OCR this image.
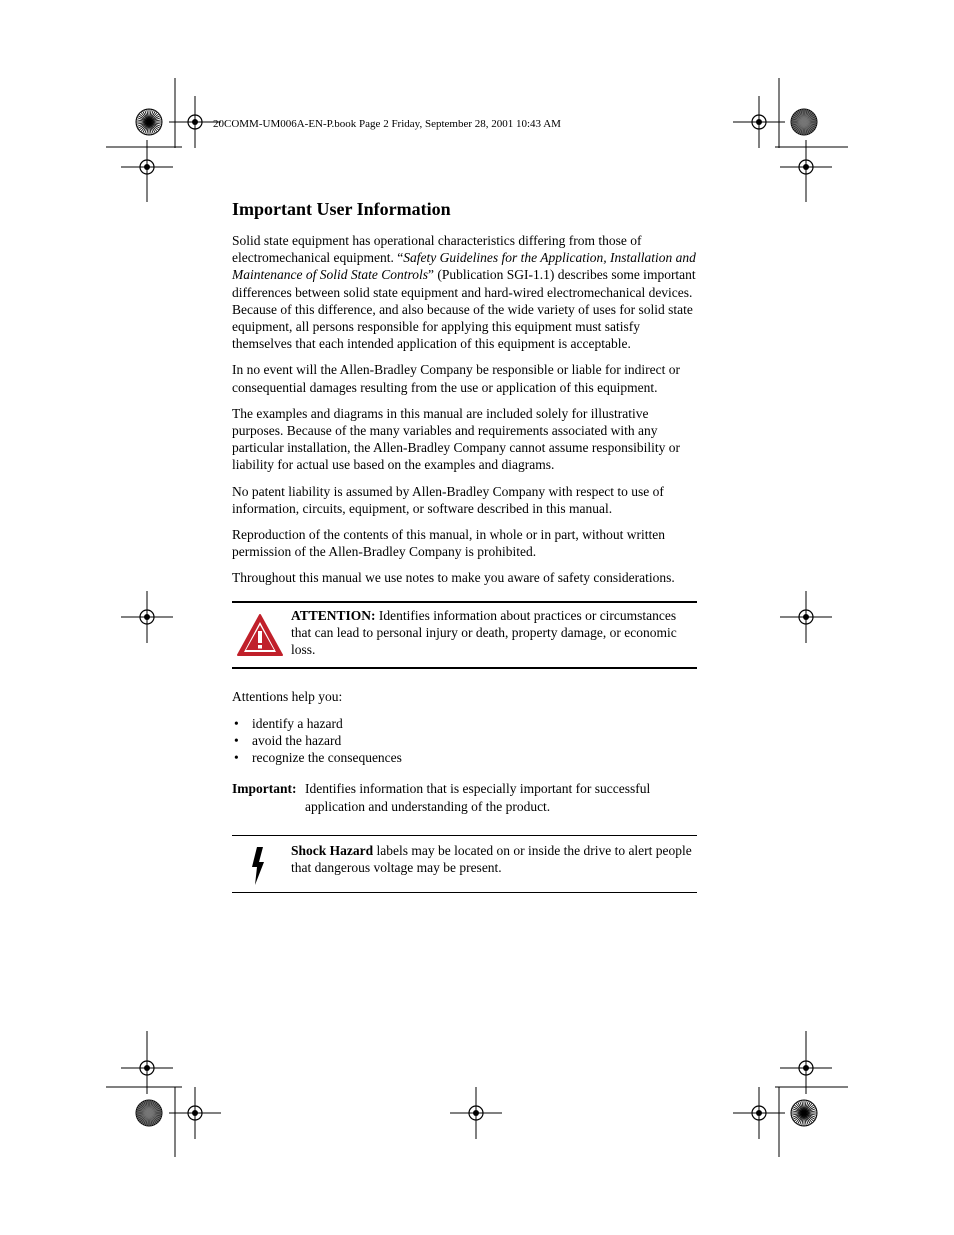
20COMM-UM006A-EN-P.book Page 2 Friday, September 28, 2001 10:43 AM
Important User Information

Solid state equipment has operational characteristics differing from those of electromechanical equipment. “Safety Guidelines for the Application, Installation and Maintenance of Solid State Controls” (Publication SGI-1.1) describes some important differences between solid state equipment and hard-wired electromechanical devices. Because of this difference, and also because of the wide variety of uses for solid state equipment, all persons responsible for applying this equipment must satisfy themselves that each intended application of this equipment is acceptable.

In no event will the Allen-Bradley Company be responsible or liable for indirect or consequential damages resulting from the use or application of this equipment.

The examples and diagrams in this manual are included solely for illustrative purposes. Because of the many variables and requirements associated with any particular installation, the Allen-Bradley Company cannot assume responsibility or liability for actual use based on the examples and diagrams.

No patent liability is assumed by Allen-Bradley Company with respect to use of information, circuits, equipment, or software described in this manual.

Reproduction of the contents of this manual, in whole or in part, without written permission of the Allen-Bradley Company is prohibited.

Throughout this manual we use notes to make you aware of safety considerations.

ATTENTION: Identifies information about practices or circumstances that can lead to personal injury or death, property damage, or economic loss.

Attentions help you:

• identify a hazard
• avoid the hazard
• recognize the consequences
Important: Identifies information that is especially important for successful application and understanding of the product.
Shock Hazard labels may be located on or inside the drive to alert people that dangerous voltage may be present.
